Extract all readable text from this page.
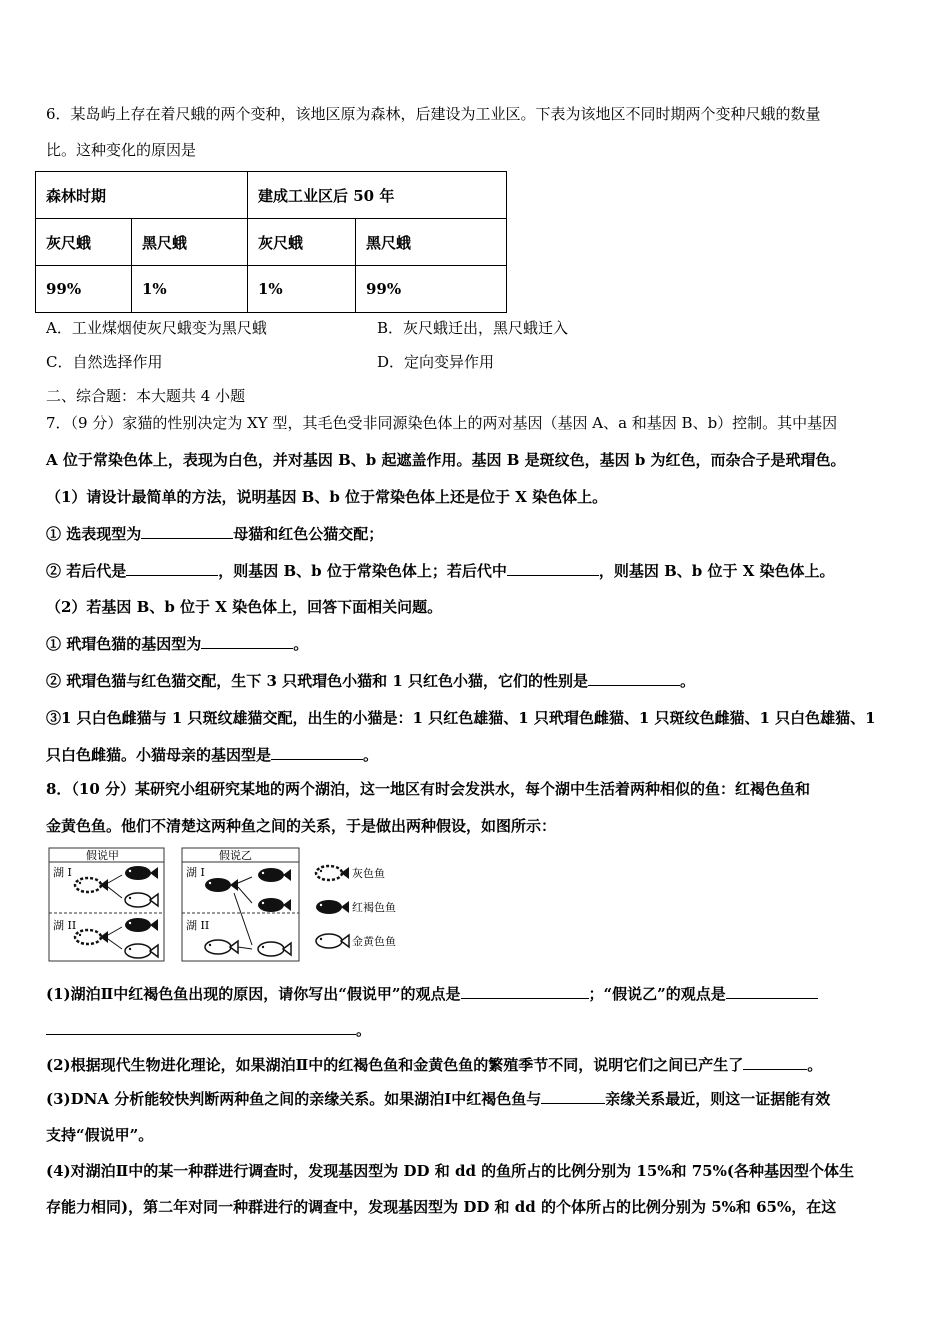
6．某岛屿上存在着尺蛾的两个变种，该地区原为森林，后建设为工业区。下表为该地区不同时期两个变种尺蛾的数量
比。这种变化的原因是
森林时期		建成工业区后 50 年	
灰尺蛾	黑尺蛾	灰尺蛾	黑尺蛾
99%	1%	1%	99%
A．工业煤烟使灰尺蛾变为黑尺蛾	B．灰尺蛾迁出，黑尺蛾迁入
C．自然选择作用	D．定向变异作用
二、综合题：本大题共 4 小题
7．（9 分）家猫的性别决定为 XY 型，其毛色受非同源染色体上的两对基因（基因 A、a 和基因 B、b）控制。其中基因
A 位于常染色体上，表现为白色，并对基因 B、b 起遮盖作用。基因 B 是斑纹色，基因 b 为红色，而杂合子是玳瑁色。
（1）请设计最简单的方法，说明基因 B、b 位于常染色体上还是位于 X 染色体上。
① 选表现型为	母猫和红色公猫交配；
② 若后代是	，则基因 B、b 位于常染色体上；若后代中	，则基因 B、b 位于 X 染色体上。
（2）若基因 B、b 位于 X 染色体上，回答下面相关问题。
① 玳瑁色猫的基因型为	。
② 玳瑁色猫与红色猫交配，生下 3 只玳瑁色小猫和 1 只红色小猫，它们的性别是	。
③1 只白色雌猫与 1 只斑纹雄猫交配，出生的小猫是：1 只红色雄猫、1 只玳瑁色雌猫、1 只斑纹色雌猫、1 只白色雄猫、1
只白色雌猫。小猫母亲的基因型是	。
8．（10 分）某研究小组研究某地的两个湖泊，这一地区有时会发洪水，每个湖中生活着两种相似的鱼：红褐色鱼和
金黄色鱼。他们不清楚这两种鱼之间的关系，于是做出两种假设，如图所示：
假说甲
湖 I
湖 II
假说乙
湖 I
湖 II
灰色鱼
红褐色鱼
金黄色鱼
(1)湖泊Ⅱ中红褐色鱼出现的原因，请你写出“假说甲”的观点是	；“假说乙”的观点是
。
(2)根据现代生物进化理论，如果湖泊Ⅱ中的红褐色鱼和金黄色鱼的繁殖季节不同，说明它们之间已产生了	。
(3)DNA 分析能较快判断两种鱼之间的亲缘关系。如果湖泊Ⅰ中红褐色鱼与	亲缘关系最近，则这一证据能有效
支持“假说甲”。
(4)对湖泊Ⅱ中的某一种群进行调查时，发现基因型为 DD 和 dd 的鱼所占的比例分别为 15%和 75%(各种基因型个体生
存能力相同)，第二年对同一种群进行的调查中，发现基因型为 DD 和 dd 的个体所占的比例分别为 5%和 65%，在这
